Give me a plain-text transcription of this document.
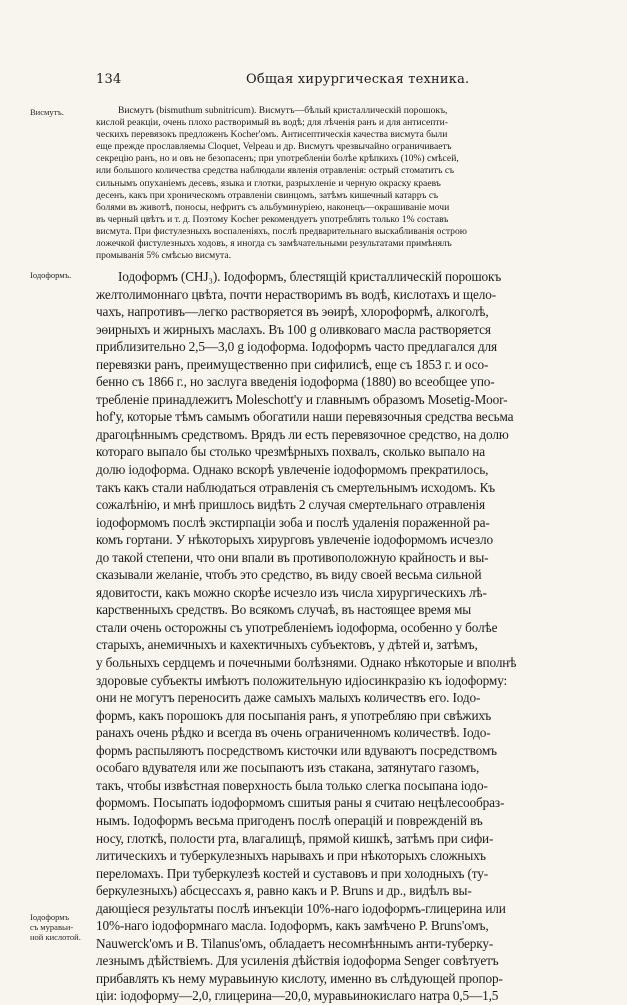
134	Общая хирургическая техника.
Висмутъ.
Іодоформъ.
Іодоформъ
съ муравьи-
ной кислотой.
Висмутъ (bismuthum subnitricum). Висмутъ—бѣлый кристаллическій порошокъ,
кислой реакціи, очень плохо растворимый въ водѣ; для лѣченія ранъ и для антисепти-
ческихъ перевязокъ предложенъ Kocher'омъ. Антисептическія качества висмута были
еще прежде прославляемы Cloquet, Velpeau и др. Висмутъ чрезвычайно ограничиваетъ
секрецію ранъ, но и овъ не безопасенъ; при употребленіи болѣе крѣпкихъ (10%) смѣсей,
или большого количества средства наблюдали явленія отравленія: острый стоматитъ съ
сильнымъ опуханіемъ десевъ, языка и глотки, разрыхленіе и черную окраску краевъ
десенъ, какъ при хроническомъ отравленіи свинцомъ, затѣмъ кишечный катарръ съ
болями въ животѣ, поносы, нефритъ съ альбуминуріею, наконецъ—окрашиваніе мочи
въ черный цвѣтъ и т. д. Поэтому Kocher рекомендуетъ употреблять только 1% составъ
висмута. При фистулезныхъ воспаленіяхъ, послѣ предварительнаго выскабливанія острою
ложечкой фистулезныхъ ходовъ, я иногда съ замѣчательными результатами примѣнялъ
промыванія 5% смѣсью висмута.
Іодоформъ (CHJ₃). Іодоформъ, блестящій кристаллическій порошокъ
желтолимоннаго цвѣта, почти нерастворимъ въ водѣ, кислотахъ и щело-
чахъ, напротивъ—легко растворяется въ эѳирѣ, хлороформѣ, алкоголѣ,
эѳирныхъ и жирныхъ маслахъ. Въ 100 g оливковаго масла растворяется
приблизительно 2,5—3,0 g іодоформа. Іодоформъ часто предлагался для
перевязки ранъ, преимущественно при сифилисѣ, еще съ 1853 г. и осо-
бенно съ 1866 г., но заслуга введенія іодоформа (1880) во всеобщее упо-
требленіе принадлежитъ Moleschott'у и главнымъ образомъ Mosetig-Moor-
hof'у, которые тѣмъ самымъ обогатили наши перевязочныя средства весьма
драгоцѣннымъ средствомъ. Врядъ ли есть перевязочное средство, на долю
котораго выпало бы столько чрезмѣрныхъ похвалъ, сколько выпало на
долю іодоформа. Однако вскорѣ увлеченіе іодоформомъ прекратилось,
такъ какъ стали наблюдаться отравленія съ смертельнымъ исходомъ. Къ
сожалѣнію, и мнѣ пришлось видѣть 2 случая смертельнаго отравленія
іодоформомъ послѣ экстирпаціи зоба и послѣ удаленія пораженной ра-
комъ гортани. У нѣкоторыхъ хирурговъ увлеченіе іодоформомъ исчезло
до такой степени, что они впали въ противоположную крайность и вы-
сказывали желаніе, чтобъ это средство, въ виду своей весьма сильной
ядовитости, какъ можно скорѣе исчезло изъ числа хирургическихъ лѣ-
карственныхъ средствъ. Во всякомъ случаѣ, въ настоящее время мы
стали очень осторожны съ употребленіемъ іодоформа, особенно у болѣе
старыхъ, анемичныхъ и кахектичныхъ субъектовъ, у дѣтей и, затѣмъ,
у больныхъ сердцемъ и почечными болѣзнями. Однако нѣкоторые и вполнѣ
здоровые субъекты имѣютъ положительную идіосинкразію къ іодоформу:
они не могутъ переносить даже самыхъ малыхъ количествъ его. Іодо-
формъ, какъ порошокъ для посыпанія ранъ, я употребляю при свѣжихъ
ранахъ очень рѣдко и всегда въ очень ограниченномъ количествѣ. Іодо-
формъ распыляютъ посредствомъ кисточки или вдуваютъ посредствомъ
особаго вдувателя или же посыпаютъ изъ стакана, затянутаго газомъ,
такъ, чтобы извѣстная поверхность была только слегка посыпана іодо-
формомъ. Посыпать іодоформомъ сшитыя раны я считаю нецѣлесообраз-
нымъ. Іодоформъ весьма пригоденъ послѣ операцій и поврежденій въ
носу, глоткѣ, полости рта, влагалищѣ, прямой кишкѣ, затѣмъ при сифи-
литическихъ и туберкулезныхъ нарывахъ и при нѣкоторыхъ сложныхъ
переломахъ. При туберкулезѣ костей и суставовъ и при холодныхъ (ту-
беркулезныхъ) абсцессахъ я, равно какъ и P. Bruns и др., видѣлъ вы-
дающіеся результаты послѣ инъекціи 10%-наго іодоформъ-глицерина или
10%-наго іодоформнаго масла. Іодоформъ, какъ замѣчено P. Bruns'омъ,
Nauwerck'омъ и B. Tilanus'омъ, обладаетъ несомнѣннымъ анти-туберку-
лезнымъ дѣйствіемъ. Для усиленія дѣйствія іодоформа Senger совѣтуетъ
прибавлять къ нему муравьиную кислоту, именно въ слѣдующей пропор-
ціи: іодоформу—2,0, глицерина—20,0, муравьинокислаго натра 0,5—1,5
